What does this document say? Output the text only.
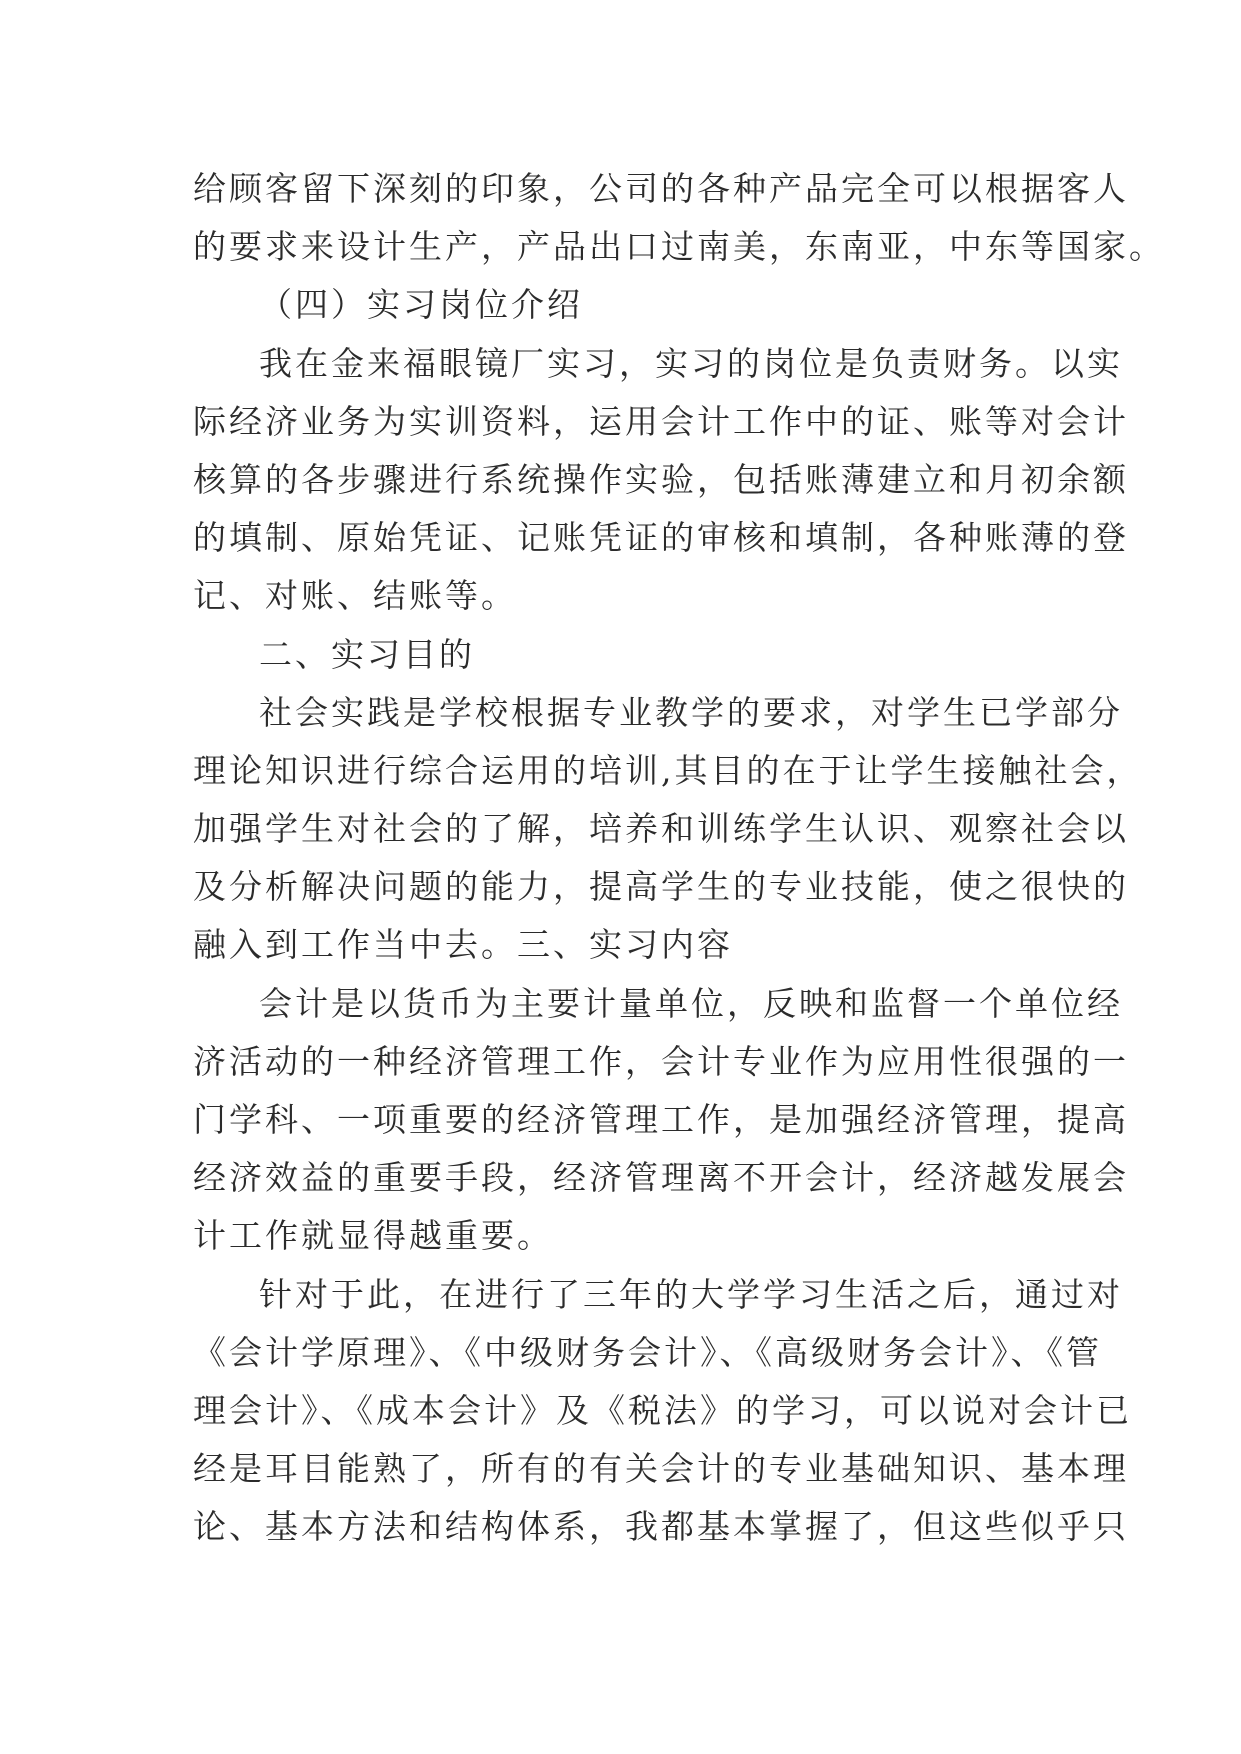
给顾客留下深刻的印象，公司的各种产品完全可以根据客人
的要求来设计生产，产品出口过南美，东南亚，中东等国家。
（四）实习岗位介绍
我在金来福眼镜厂实习，实习的岗位是负责财务。以实
际经济业务为实训资料，运用会计工作中的证、账等对会计
核算的各步骤进行系统操作实验，包括账薄建立和月初余额
的填制、原始凭证、记账凭证的审核和填制，各种账薄的登
记、对账、结账等。
二、实习目的
社会实践是学校根据专业教学的要求，对学生已学部分
理论知识进行综合运用的培训,其目的在于让学生接触社会，
加强学生对社会的了解，培养和训练学生认识、观察社会以
及分析解决问题的能力，提高学生的专业技能，使之很快的
融入到工作当中去。三、实习内容
会计是以货币为主要计量单位，反映和监督一个单位经
济活动的一种经济管理工作，会计专业作为应用性很强的一
门学科、一项重要的经济管理工作，是加强经济管理，提高
经济效益的重要手段，经济管理离不开会计，经济越发展会
计工作就显得越重要。
针对于此，在进行了三年的大学学习生活之后，通过对
《会计学原理》、《中级财务会计》、《高级财务会计》、《管
理会计》、《成本会计》及《税法》的学习，可以说对会计已
经是耳目能熟了，所有的有关会计的专业基础知识、基本理
论、基本方法和结构体系，我都基本掌握了，但这些似乎只
